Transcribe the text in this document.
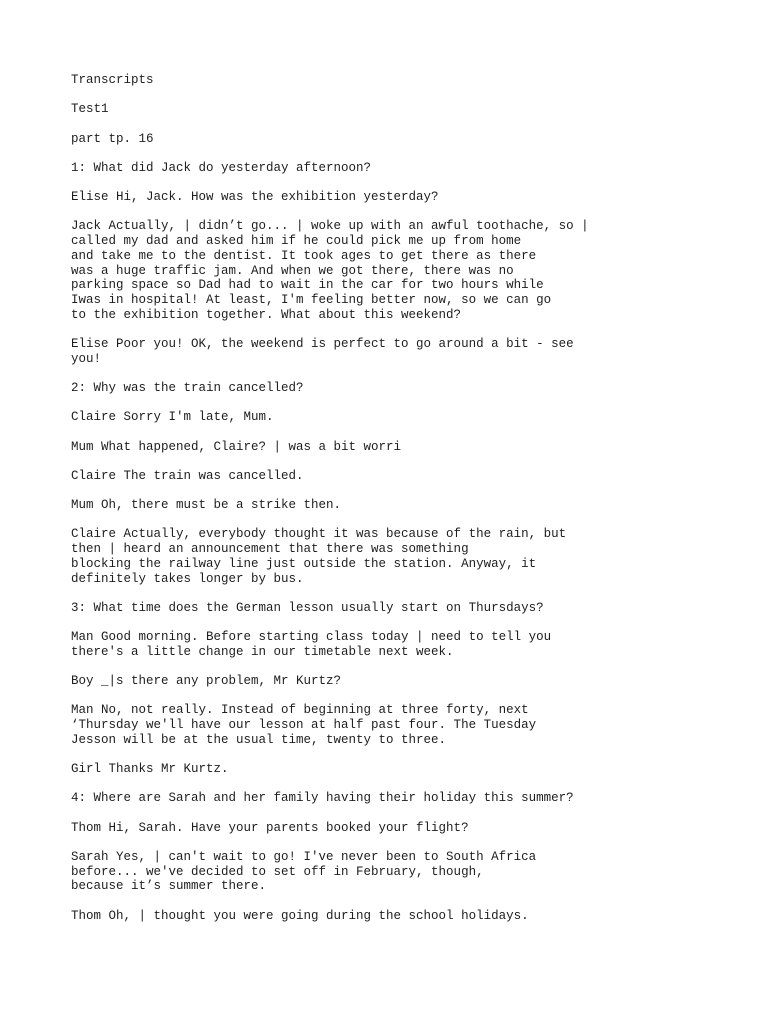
Transcripts

Test1

part tp. 16

1: What did Jack do yesterday afternoon?

Elise Hi, Jack. How was the exhibition yesterday?

Jack Actually, | didn’t go... | woke up with an awful toothache, so |
called my dad and asked him if he could pick me up from home
and take me to the dentist. It took ages to get there as there
was a huge traffic jam. And when we got there, there was no
parking space so Dad had to wait in the car for two hours while
Iwas in hospital! At least, I'm feeling better now, so we can go
to the exhibition together. What about this weekend?

Elise Poor you! OK, the weekend is perfect to go around a bit - see
you!

2: Why was the train cancelled?

Claire Sorry I'm late, Mum.

Mum What happened, Claire? | was a bit worri

Claire The train was cancelled.

Mum Oh, there must be a strike then.

Claire Actually, everybody thought it was because of the rain, but
then | heard an announcement that there was something
blocking the railway line just outside the station. Anyway, it
definitely takes longer by bus.

3: What time does the German lesson usually start on Thursdays?

Man Good morning. Before starting class today | need to tell you
there's a little change in our timetable next week.

Boy _|s there any problem, Mr Kurtz?

Man No, not really. Instead of beginning at three forty, next
‘Thursday we'll have our lesson at half past four. The Tuesday
Jesson will be at the usual time, twenty to three.

Girl Thanks Mr Kurtz.

4: Where are Sarah and her family having their holiday this summer?

Thom Hi, Sarah. Have your parents booked your flight?

Sarah Yes, | can't wait to go! I've never been to South Africa
before... we've decided to set off in February, though,
because it’s summer there.

Thom Oh, | thought you were going during the school holidays.
